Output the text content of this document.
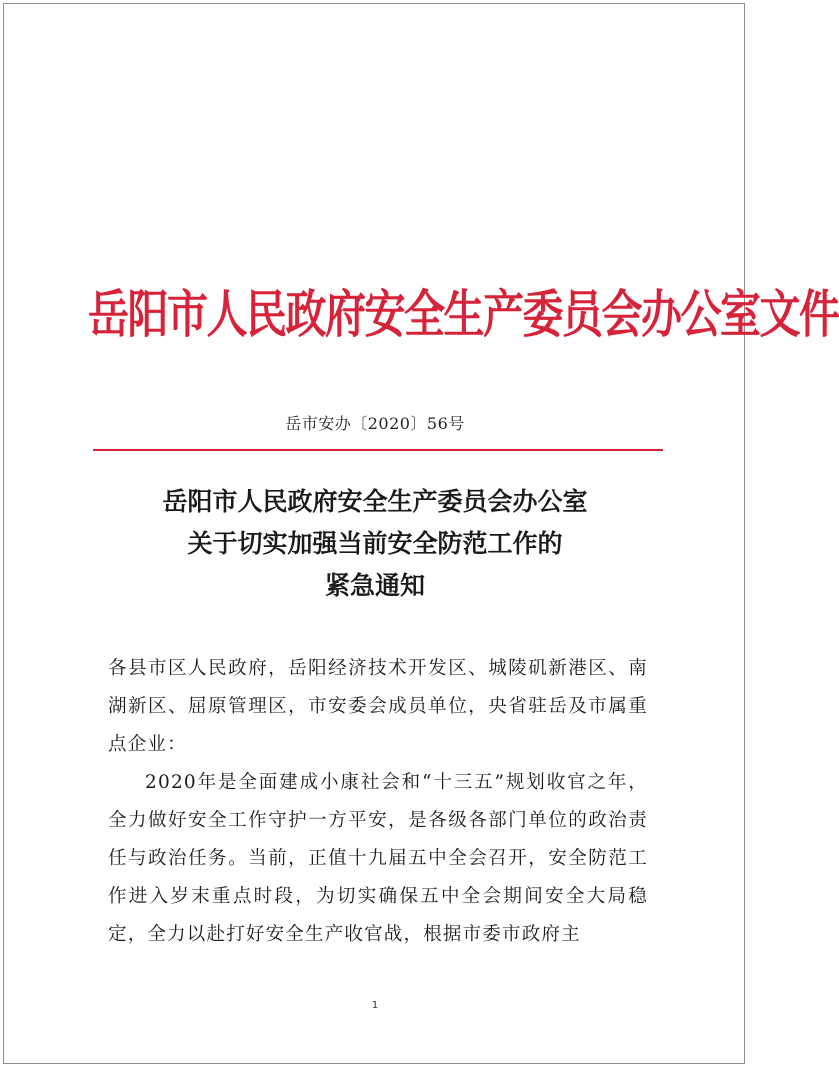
岳阳市人民政府安全生产委员会办公室文件
岳市安办〔2020〕56号
岳阳市人民政府安全生产委员会办公室
关于切实加强当前安全防范工作的
紧急通知

各县市区人民政府，岳阳经济技术开发区、城陵矶新港区、南湖新区、屈原管理区，市安委会成员单位，央省驻岳及市属重点企业：

2020年是全面建成小康社会和“十三五”规划收官之年，全力做好安全工作守护一方平安，是各级各部门单位的政治责任与政治任务。当前，正值十九届五中全会召开，安全防范工作进入岁末重点时段，为切实确保五中全会期间安全大局稳定，全力以赴打好安全生产收官战，根据市委市政府主

1
